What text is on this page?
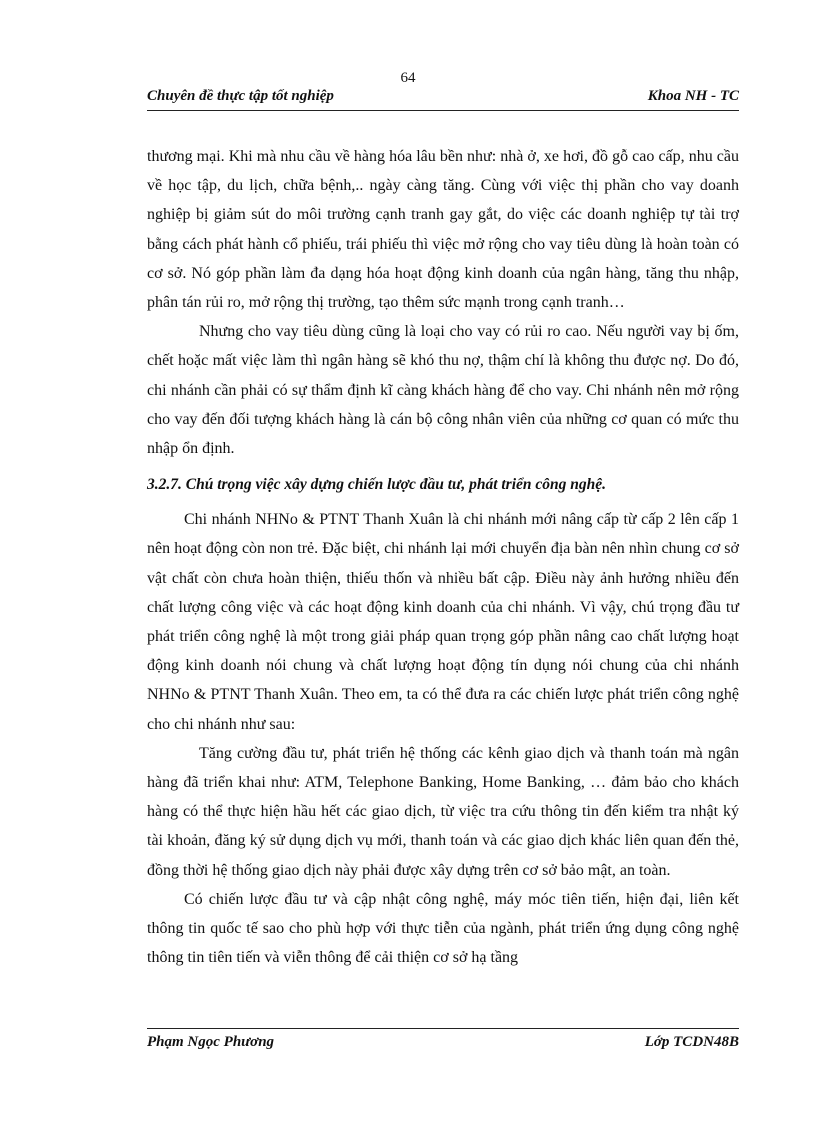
64
Chuyên đề thực tập tốt nghiệp	Khoa NH - TC

thương mại. Khi mà nhu cầu về hàng hóa lâu bền như: nhà ở, xe hơi, đồ gỗ cao cấp, nhu cầu về học tập, du lịch, chữa bệnh,.. ngày càng tăng. Cùng với việc thị phần cho vay doanh nghiệp bị giảm sút do môi trường cạnh tranh gay gắt, do việc các doanh nghiệp tự tài trợ bằng cách phát hành cổ phiếu, trái phiếu thì việc mở rộng cho vay tiêu dùng là hoàn toàn có cơ sở. Nó góp phần làm đa dạng hóa hoạt động kinh doanh của ngân hàng, tăng thu nhập, phân tán rủi ro, mở rộng thị trường, tạo thêm sức mạnh trong cạnh tranh…

Nhưng cho vay tiêu dùng cũng là loại cho vay có rủi ro cao. Nếu người vay bị ốm, chết hoặc mất việc làm thì ngân hàng sẽ khó thu nợ, thậm chí là không thu được nợ. Do đó, chi nhánh cần phải có sự thẩm định kĩ càng khách hàng để cho vay. Chi nhánh nên mở rộng cho vay đến đối tượng khách hàng là cán bộ công nhân viên của những cơ quan có mức thu nhập ổn định.

3.2.7. Chú trọng việc xây dựng chiến lược đầu tư, phát triển công nghệ.

Chi nhánh NHNo & PTNT Thanh Xuân là chi nhánh mới nâng cấp từ cấp 2 lên cấp 1 nên hoạt động còn non trẻ. Đặc biệt, chi nhánh lại mới chuyển địa bàn nên nhìn chung cơ sở vật chất còn chưa hoàn thiện, thiếu thốn và nhiều bất cập. Điều này ảnh hưởng nhiều đến chất lượng công việc và các hoạt động kinh doanh của chi nhánh. Vì vậy, chú trọng đầu tư phát triển công nghệ là một trong giải pháp quan trọng góp phần nâng cao chất lượng hoạt động kinh doanh nói chung và chất lượng hoạt động tín dụng nói chung của chi nhánh NHNo & PTNT Thanh Xuân. Theo em, ta có thể đưa ra các chiến lược phát triển công nghệ cho chi nhánh như sau:

Tăng cường đầu tư, phát triển hệ thống các kênh giao dịch và thanh toán mà ngân hàng đã triển khai như: ATM, Telephone Banking, Home Banking, … đảm bảo cho khách hàng có thể thực hiện hầu hết các giao dịch, từ việc tra cứu thông tin đến kiểm tra nhật ký tài khoản, đăng ký sử dụng dịch vụ mới, thanh toán và các giao dịch khác liên quan đến thẻ, đồng thời hệ thống giao dịch này phải được xây dựng trên cơ sở bảo mật, an toàn.

Có chiến lược đầu tư và cập nhật công nghệ, máy móc tiên tiến, hiện đại, liên kết thông tin quốc tế sao cho phù hợp với thực tiễn của ngành, phát triển ứng dụng công nghệ thông tin tiên tiến và viễn thông để cải thiện cơ sở hạ tầng

Phạm Ngọc Phương	Lớp TCDN48B
